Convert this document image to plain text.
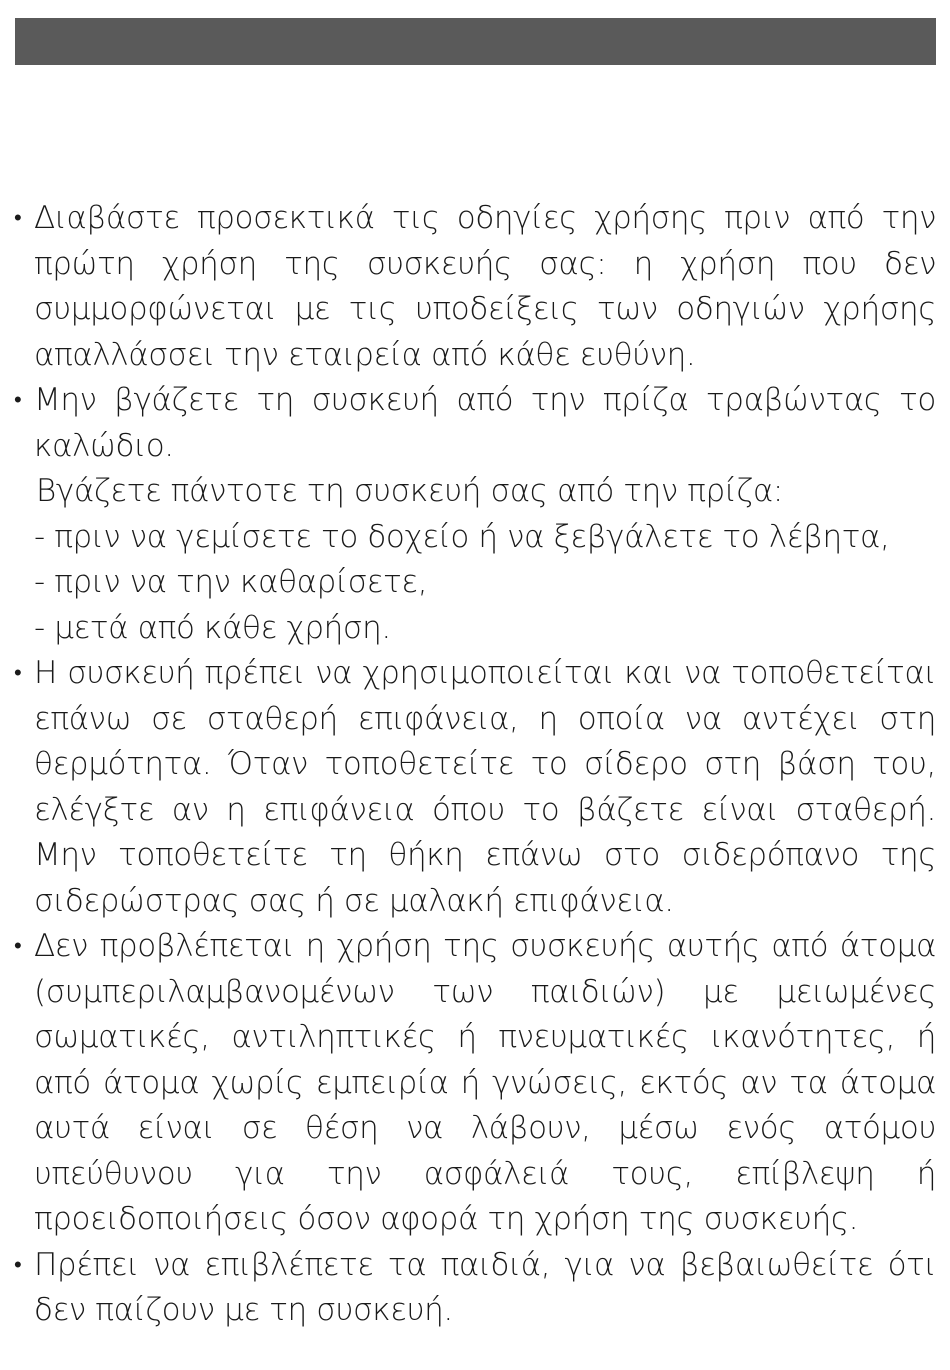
• Διαβάστε προσεκτικά τις οδηγίες χρήσης πριν από την πρώτη χρήση της συσκευής σας: η χρήση που δεν συμμορφώνεται με τις υποδείξεις των οδηγιών χρήσης απαλλάσσει την εταιρεία από κάθε ευθύνη.
• Μην βγάζετε τη συσκευή από την πρίζα τραβώντας το καλώδιο.
Βγάζετε πάντοτε τη συσκευή σας από την πρίζα:
- πριν να γεμίσετε το δοχείο ή να ξεβγάλετε το λέβητα,
- πριν να την καθαρίσετε,
- μετά από κάθε χρήση.
• Η συσκευή πρέπει να χρησιμοποιείται και να τοποθετείται επάνω σε σταθερή επιφάνεια, η οποία να αντέχει στη θερμότητα. Όταν τοποθετείτε το σίδερο στη βάση του, ελέγξτε αν η επιφάνεια όπου το βάζετε είναι σταθερή. Μην τοποθετείτε τη θήκη επάνω στο σιδερόπανο της σιδερώστρας σας ή σε μαλακή επιφάνεια.
• Δεν προβλέπεται η χρήση της συσκευής αυτής από άτομα (συμπεριλαμβανομένων των παιδιών) με μειωμένες σωματικές, αντιληπτικές ή πνευματικές ικανότητες, ή από άτομα χωρίς εμπειρία ή γνώσεις, εκτός αν τα άτομα αυτά είναι σε θέση να λάβουν, μέσω ενός ατόμου υπεύθυνου για την ασφάλειά τους, επίβλεψη ή προειδοποιήσεις όσον αφορά τη χρήση της συσκευής.
• Πρέπει να επιβλέπετε τα παιδιά, για να βεβαιωθείτε ότι δεν παίζουν με τη συσκευή.
